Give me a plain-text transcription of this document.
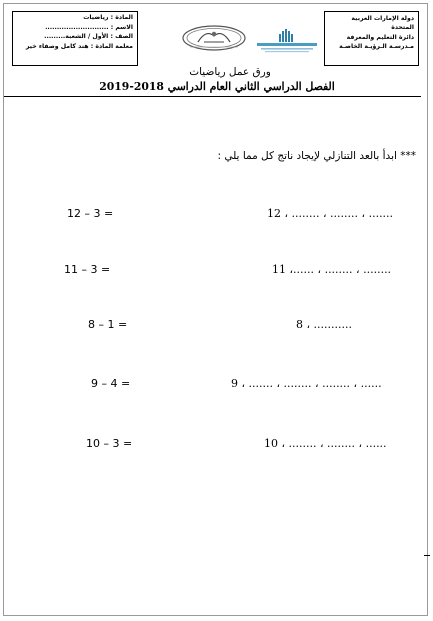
المادة : رياضيات
الاسم : ...........................
الصف : الأول / الشعبة.........
معلمة المادة : هند كامل وصفاء خير
دولة الإمارات العربية
المتحدة
دائرة التعليم والمعرفة
مـدرسـة الـرؤيـة الخاصـة
ورق عمل رياضيات
الفصل الدراسي الثاني العام الدراسي 2018-2019
*** ابدأ بالعد التنازلي لإيجاد ناتج كل مما يلي :
12 – 3 =	12 ، ........ ، ........ ، .......
11 – 3 =	11 ،...... ، ........ ، ........
8 – 1 =	8 ، ...........
9 – 4 =	9 ، ....... ، ........ ، ........ ، ......
10 – 3 =	10 ، ........ ، ........ ، ......
